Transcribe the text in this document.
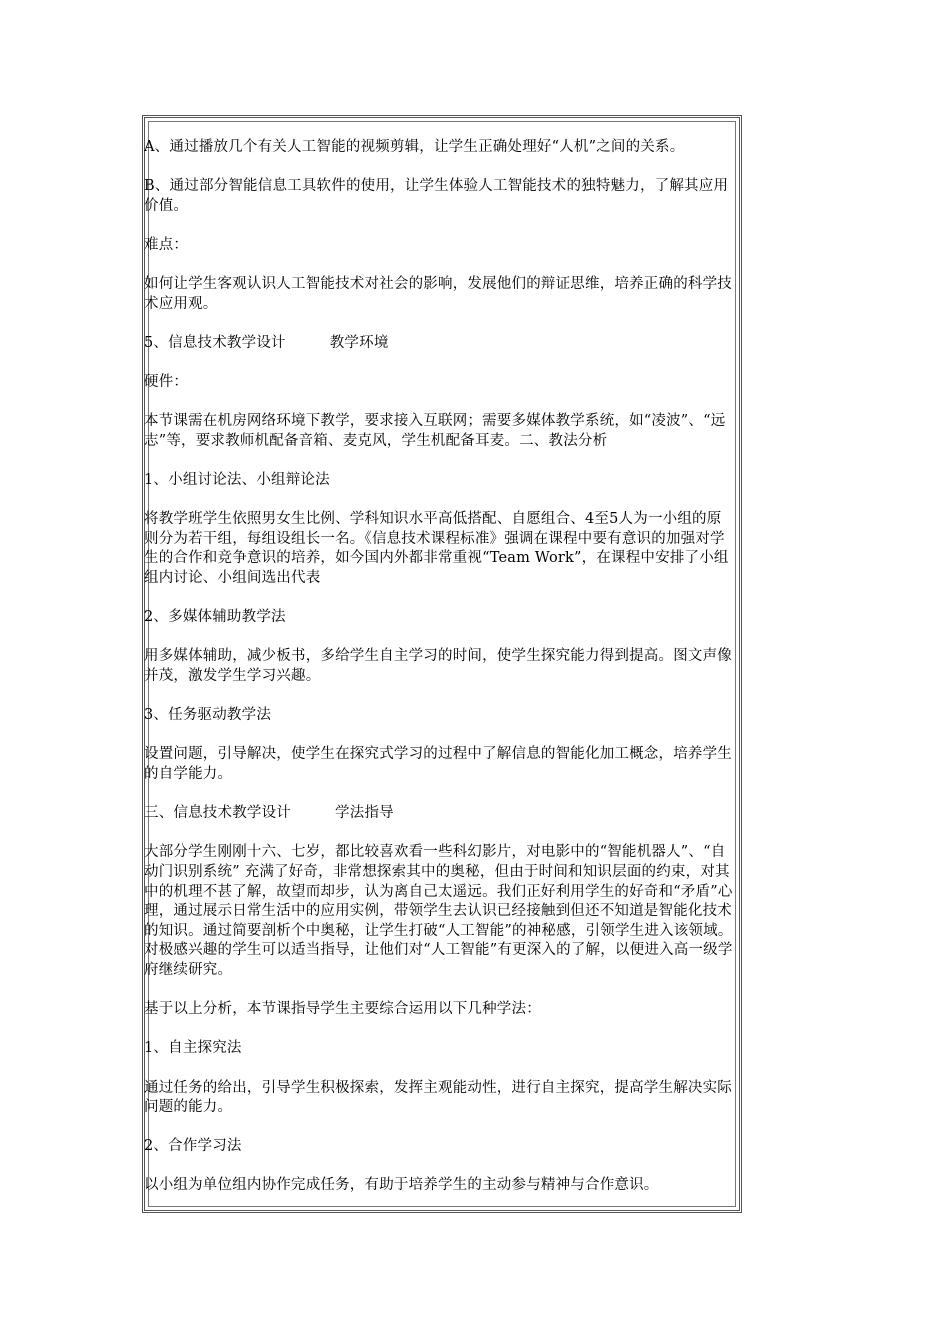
A、通过播放几个有关人工智能的视频剪辑，让学生正确处理好“人机”之间的关系。

B、通过部分智能信息工具软件的使用，让学生体验人工智能技术的独特魅力，了解其应用价值。

难点：

如何让学生客观认识人工智能技术对社会的影响，发展他们的辩证思维，培养正确的科学技术应用观。

5、信息技术教学设计	教学环境

硬件：

本节课需在机房网络环境下教学，要求接入互联网；需要多媒体教学系统，如“凌波”、“远志”等，要求教师机配备音箱、麦克风，学生机配备耳麦。二、教法分析

1、小组讨论法、小组辩论法

将教学班学生依照男女生比例、学科知识水平高低搭配、自愿组合、4至5人为一小组的原则分为若干组，每组设组长一名。《信息技术课程标准》强调在课程中要有意识的加强对学生的合作和竞争意识的培养，如今国内外都非常重视“Team Work”，在课程中安排了小组组内讨论、小组间选出代表

2、多媒体辅助教学法

用多媒体辅助，减少板书，多给学生自主学习的时间，使学生探究能力得到提高。图文声像并茂，激发学生学习兴趣。

3、任务驱动教学法

设置问题，引导解决，使学生在探究式学习的过程中了解信息的智能化加工概念，培养学生的自学能力。

三、信息技术教学设计	学法指导

大部分学生刚刚十六、七岁，都比较喜欢看一些科幻影片，对电影中的“智能机器人”、“自动门识别系统” 充满了好奇，非常想探索其中的奥秘，但由于时间和知识层面的约束，对其中的机理不甚了解，故望而却步，认为离自己太遥远。我们正好利用学生的好奇和“矛盾”心理，通过展示日常生活中的应用实例，带领学生去认识已经接触到但还不知道是智能化技术的知识。通过简要剖析个中奥秘，让学生打破“人工智能”的神秘感，引领学生进入该领域。对极感兴趣的学生可以适当指导，让他们对“人工智能”有更深入的了解，以便进入高一级学府继续研究。

基于以上分析，本节课指导学生主要综合运用以下几种学法：

1、自主探究法

通过任务的给出，引导学生积极探索，发挥主观能动性，进行自主探究，提高学生解决实际问题的能力。

2、合作学习法

以小组为单位组内协作完成任务，有助于培养学生的主动参与精神与合作意识。
